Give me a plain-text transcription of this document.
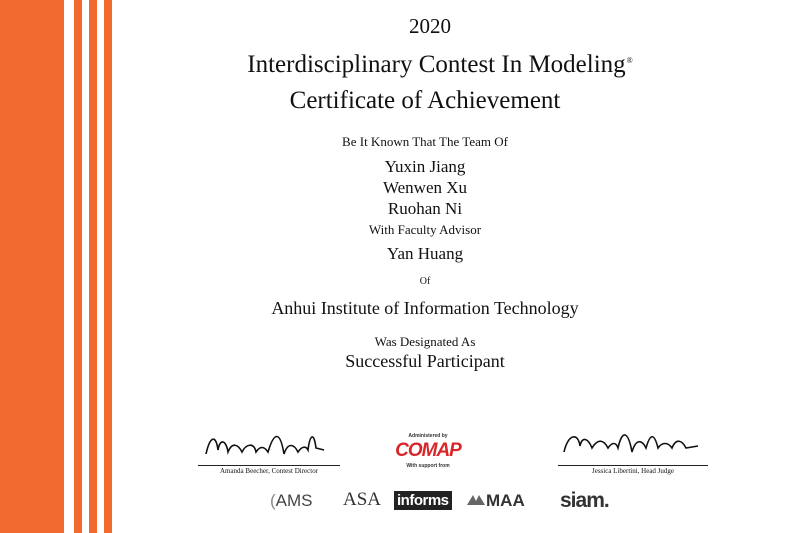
2020
Interdisciplinary Contest In Modeling®
Certificate of Achievement
Be It Known That The Team Of
Yuxin Jiang
Wenwen Xu
Ruohan Ni
With Faculty Advisor
Yan Huang
Of
Anhui Institute of Information Technology
Was Designated As
Successful Participant
Amanda Beecher, Contest Director
Administered by
COMAP
With support from
Jessica Libertini, Head Judge
(AMS ASA informs	MAA siam.
